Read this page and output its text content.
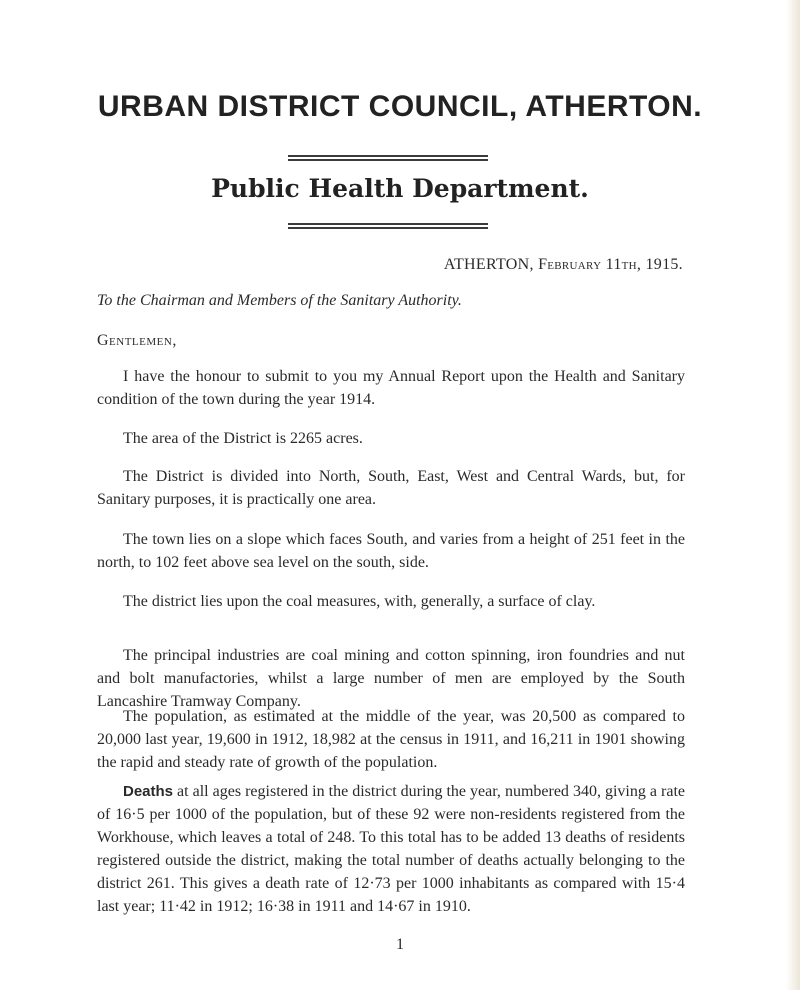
URBAN DISTRICT COUNCIL, ATHERTON.
Public Health Department.
ATHERTON, February 11th, 1915.
To the Chairman and Members of the Sanitary Authority.
Gentlemen,

I have the honour to submit to you my Annual Report upon the Health and Sanitary condition of the town during the year 1914.

The area of the District is 2265 acres.

The District is divided into North, South, East, West and Central Wards, but, for Sanitary purposes, it is practically one area.

The town lies on a slope which faces South, and varies from a height of 251 feet in the north, to 102 feet above sea level on the south, side.

The district lies upon the coal measures, with, generally, a surface of clay.

The principal industries are coal mining and cotton spinning, iron foundries and nut and bolt manufactories, whilst a large number of men are employed by the South Lancashire Tramway Company.

The population, as estimated at the middle of the year, was 20,500 as compared to 20,000 last year, 19,600 in 1912, 18,982 at the census in 1911, and 16,211 in 1901 showing the rapid and steady rate of growth of the population.

Deaths at all ages registered in the district during the year, numbered 340, giving a rate of 16·5 per 1000 of the population, but of these 92 were non-residents registered from the Workhouse, which leaves a total of 248. To this total has to be added 13 deaths of residents registered outside the district, making the total number of deaths actually belonging to the district 261. This gives a death rate of 12·73 per 1000 inhabitants as compared with 15·4 last year; 11·42 in 1912; 16·38 in 1911 and 14·67 in 1910.

1
